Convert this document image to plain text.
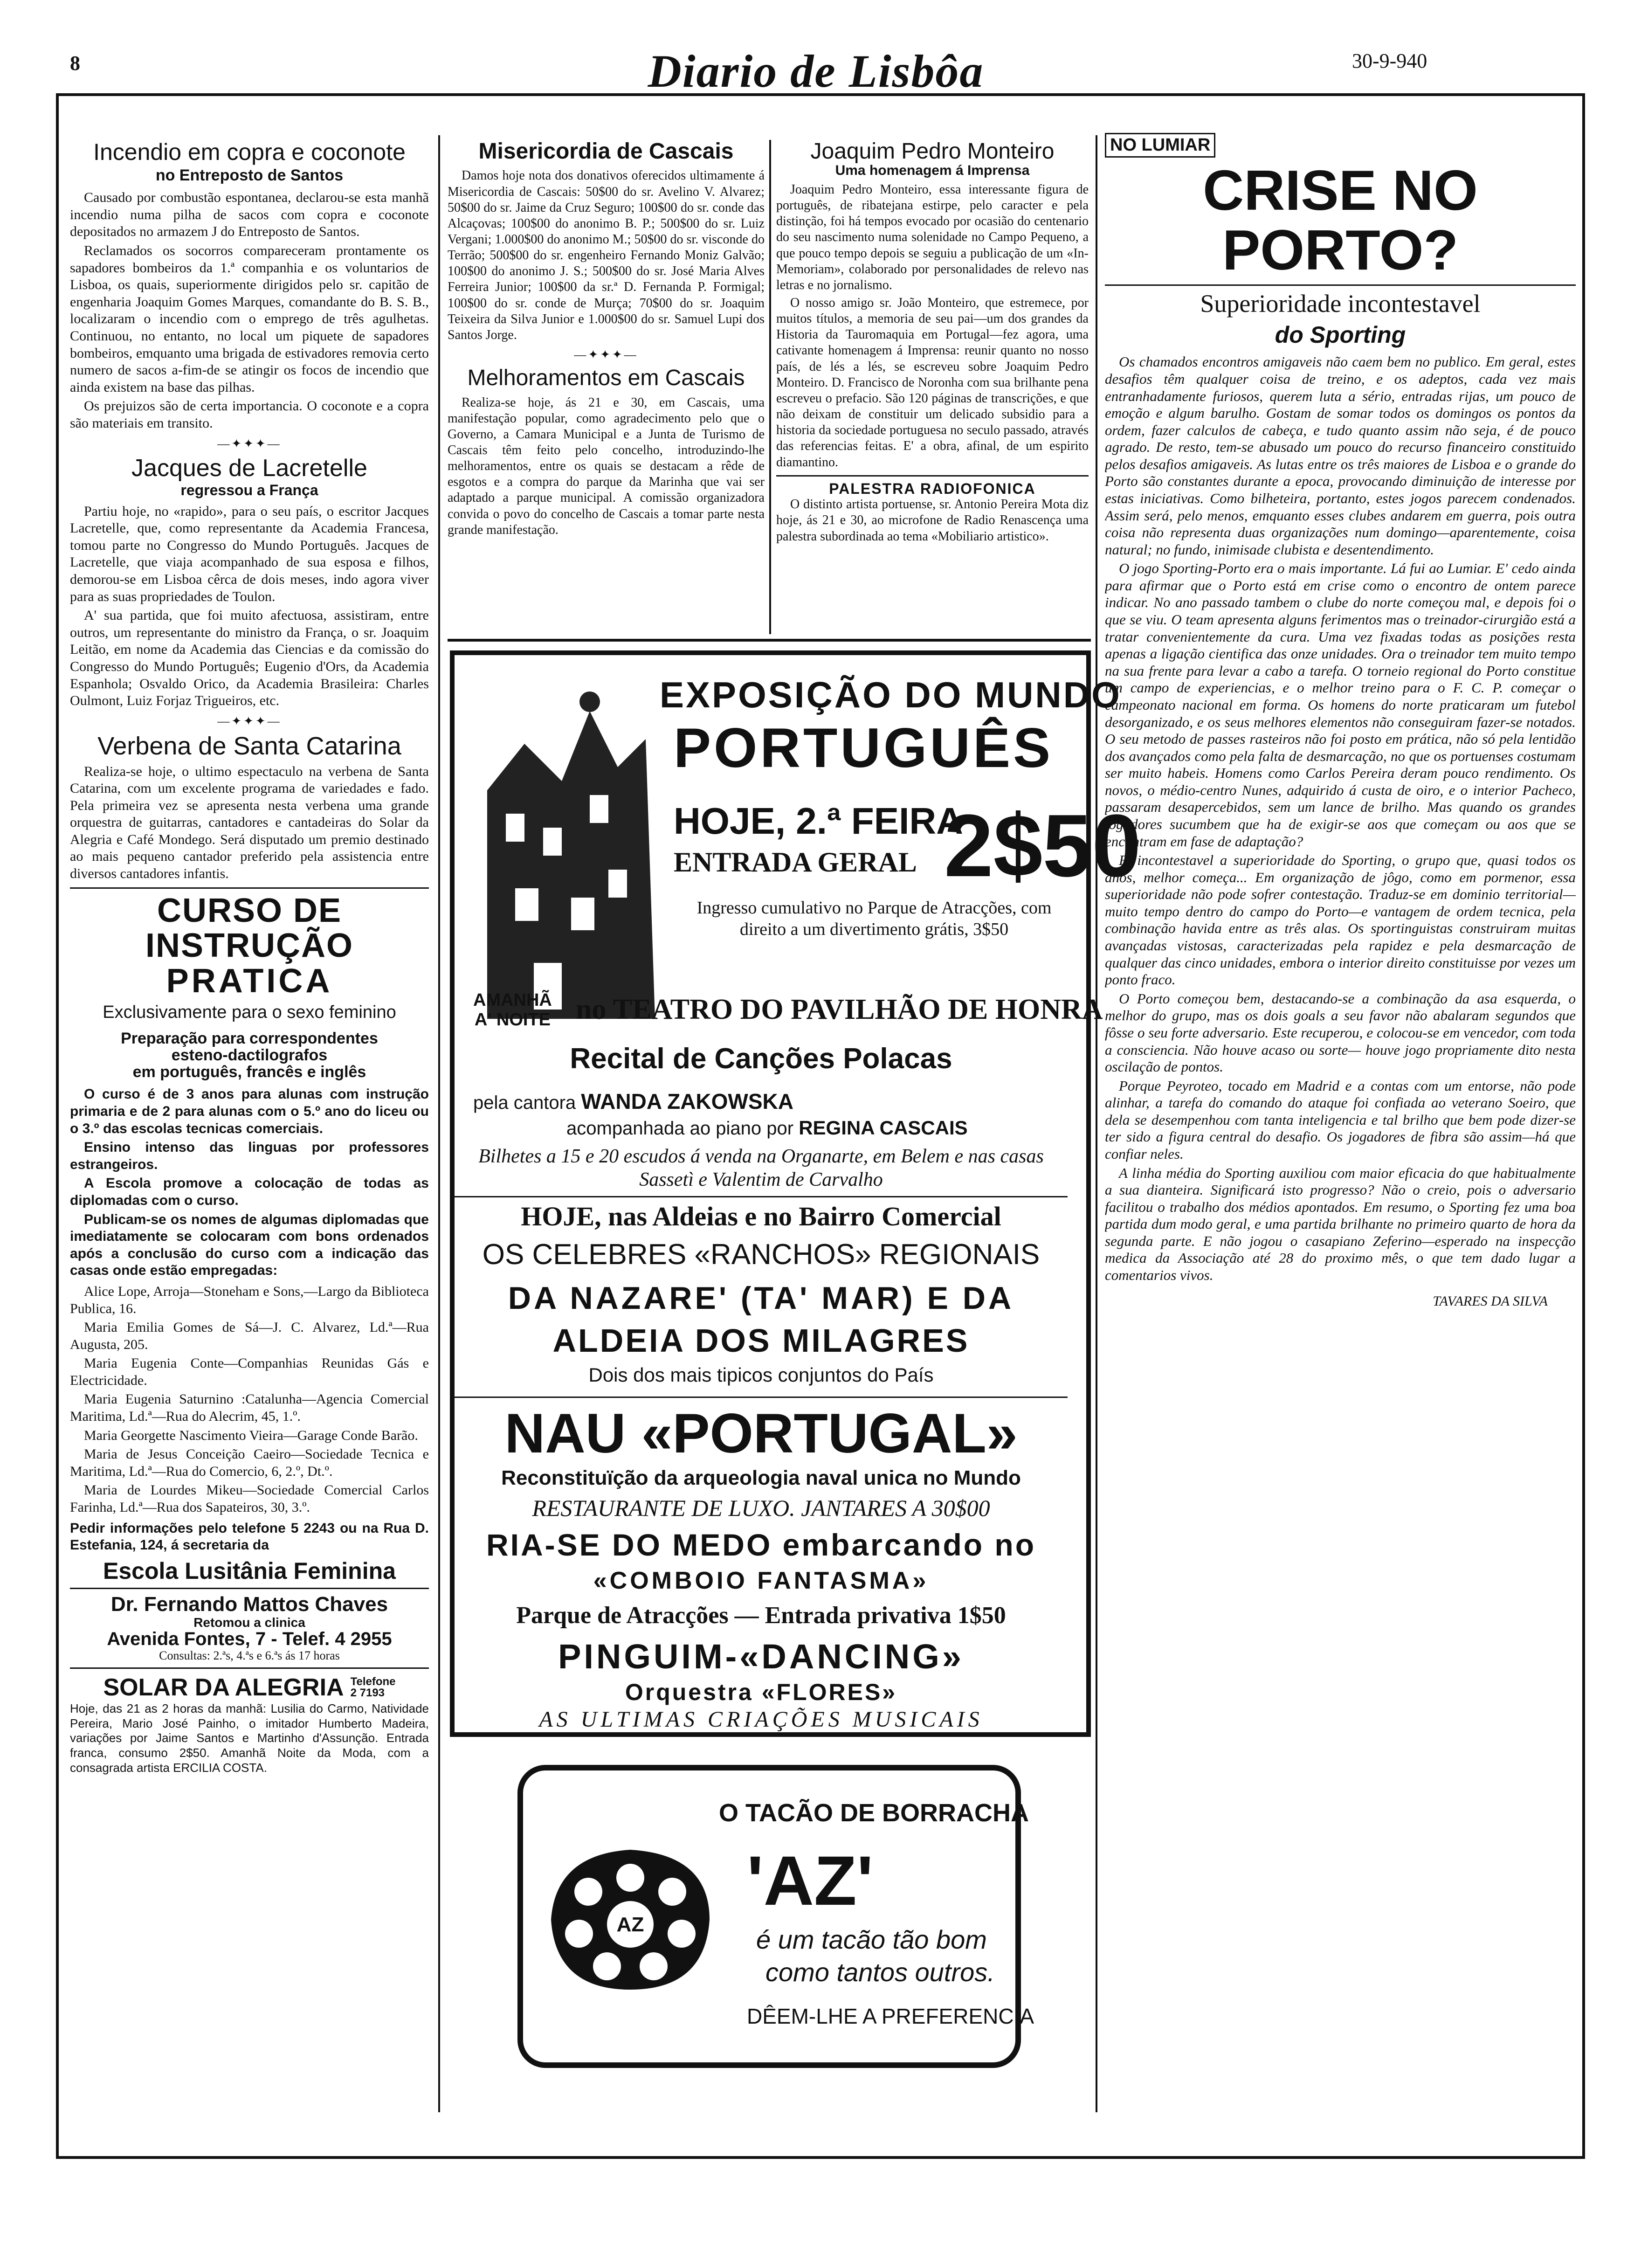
8	Diario de Lisbôa	30-9-940
Incendio em copra e coconote
no Entreposto de Santos

Causado por combustão espontanea, declarou-se esta manhã incendio numa pilha de sacos com copra e coconote depositados no armazem J do Entreposto de Santos.

Reclamados os socorros compareceram prontamente os sapadores bombeiros da 1.ª companhia e os voluntarios de Lisboa, os quais, superiormente dirigidos pelo sr. capitão de engenharia Joaquim Gomes Marques, comandante do B. S. B., localizaram o incendio com o emprego de três agulhetas. Continuou, no entanto, no local um piquete de sapadores bombeiros, emquanto uma brigada de estivadores removia certo numero de sacos a-fim-de se atingir os focos de incendio que ainda existem na base das pilhas.

Os prejuizos são de certa importancia. O coconote e a copra são materiais em transito.

—✦✦✦—
Jacques de Lacretelle
regressou a França

Partiu hoje, no «rapido», para o seu país, o escritor Jacques Lacretelle, que, como representante da Academia Francesa, tomou parte no Congresso do Mundo Português. Jacques de Lacretelle, que viaja acompanhado de sua esposa e filhos, demorou-se em Lisboa cêrca de dois meses, indo agora viver para as suas propriedades de Toulon.

A' sua partida, que foi muito afectuosa, assistiram, entre outros, um representante do ministro da França, o sr. Joaquim Leitão, em nome da Academia das Ciencias e da comissão do Congresso do Mundo Português; Eugenio d'Ors, da Academia Espanhola; Osvaldo Orico, da Academia Brasileira: Charles Oulmont, Luiz Forjaz Trigueiros, etc.

—✦✦✦—
Verbena de Santa Catarina

Realiza-se hoje, o ultimo espectaculo na verbena de Santa Catarina, com um excelente programa de variedades e fado. Pela primeira vez se apresenta nesta verbena uma grande orquestra de guitarras, cantadores e cantadeiras do Solar da Alegria e Café Mondego. Será disputado um premio destinado ao mais pequeno cantador preferido pela assistencia entre diversos cantadores infantis.

CURSO DE INSTRUÇÃO
PRATICA
Exclusivamente para o sexo feminino
Preparação para correspondentes
esteno-dactilografos
em português, francês e inglês

O curso é de 3 anos para alunas com instrução primaria e de 2 para alunas com o 5.º ano do liceu ou o 3.º das escolas tecnicas comerciais.

Ensino intenso das linguas por professores estrangeiros.

A Escola promove a colocação de todas as diplomadas com o curso.

Publicam-se os nomes de algumas diplomadas que imediatamente se colocaram com bons ordenados após a conclusão do curso com a indicação das casas onde estão empregadas:

Alice Lope, Arroja—Stoneham e Sons,—Largo da Biblioteca Publica, 16.

Maria Emilia Gomes de Sá—J. C. Alvarez, Ld.ª—Rua Augusta, 205.

Maria Eugenia Conte—Companhias Reunidas Gás e Electricidade.

Maria Eugenia Saturnino :Catalunha—Agencia Comercial Maritima, Ld.ª—Rua do Alecrim, 45, 1.º.

Maria Georgette Nascimento Vieira—Garage Conde Barão.

Maria de Jesus Conceição Caeiro—Sociedade Tecnica e Maritima, Ld.ª—Rua do Comercio, 6, 2.º, Dt.º.

Maria de Lourdes Mikeu—Sociedade Comercial Carlos Farinha, Ld.ª—Rua dos Sapateiros, 30, 3.º.

Pedir informações pelo telefone 5 2243 ou na Rua D. Estefania, 124, á secretaria da
Escola Lusitânia Feminina
Dr. Fernando Mattos Chaves
Retomou a clinica
Avenida Fontes, 7 - Telef. 4 2955
Consultas: 2.ªs, 4.ªs e 6.ªs ás 17 horas
SOLAR DA ALEGRIA Telefone
2 7193
Hoje, das 21 as 2 horas da manhã: Lusilia do Carmo, Natividade Pereira, Mario José Painho, o imitador Humberto Madeira, variações por Jaime Santos e Martinho d'Assunção. Entrada franca, consumo 2$50. Amanhã Noite da Moda, com a consagrada artista ERCILIA COSTA.
Misericordia de Cascais

Damos hoje nota dos donativos oferecidos ultimamente á Misericordia de Cascais: 50$00 do sr. Avelino V. Alvarez; 50$00 do sr. Jaime da Cruz Seguro; 100$00 do sr. conde das Alcaçovas; 100$00 do anonimo B. P.; 500$00 do sr. Luiz Vergani; 1.000$00 do anonimo M.; 50$00 do sr. visconde do Terrão; 500$00 do sr. engenheiro Fernando Moniz Galvão; 100$00 do anonimo J. S.; 500$00 do sr. José Maria Alves Ferreira Junior; 100$00 da sr.ª D. Fernanda P. Formigal; 100$00 do sr. conde de Murça; 70$00 do sr. Joaquim Teixeira da Silva Junior e 1.000$00 do sr. Samuel Lupi dos Santos Jorge.

—✦✦✦—
Melhoramentos em Cascais

Realiza-se hoje, ás 21 e 30, em Cascais, uma manifestação popular, como agradecimento pelo que o Governo, a Camara Municipal e a Junta de Turismo de Cascais têm feito pelo concelho, introduzindo-lhe melhoramentos, entre os quais se destacam a rêde de esgotos e a compra do parque da Marinha que vai ser adaptado a parque municipal. A comissão organizadora convida o povo do concelho de Cascais a tomar parte nesta grande manifestação.

Joaquim Pedro Monteiro
Uma homenagem á Imprensa

Joaquim Pedro Monteiro, essa interessante figura de português, de ribatejana estirpe, pelo caracter e pela distinção, foi há tempos evocado por ocasião do centenario do seu nascimento numa solenidade no Campo Pequeno, a que pouco tempo depois se seguiu a publicação de um «In-Memoriam», colaborado por personalidades de relevo nas letras e no jornalismo.

O nosso amigo sr. João Monteiro, que estremece, por muitos títulos, a memoria de seu pai—um dos grandes da Historia da Tauromaquia em Portugal—fez agora, uma cativante homenagem á Imprensa: reunir quanto no nosso país, de lés a lés, se escreveu sobre Joaquim Pedro Monteiro. D. Francisco de Noronha com sua brilhante pena escreveu o prefacio. São 120 páginas de transcrições, e que não deixam de constituir um delicado subsidio para a historia da sociedade portuguesa no seculo passado, através das referencias feitas. E' a obra, afinal, de um espirito diamantino.

PALESTRA RADIOFONICA

O distinto artista portuense, sr. Antonio Pereira Mota diz hoje, ás 21 e 30, ao microfone de Radio Renascença uma palestra subordinada ao tema «Mobiliario artistico».

EXPOSIÇÃO DO MUNDO
PORTUGUÊS
HOJE, 2.ª FEIRA
ENTRADA GERAL 2$50
Ingresso cumulativo no Parque de Atracções, com direito a um divertimento grátis, 3$50
AMANHÃ
A' NOITE no TEATRO DO PAVILHÃO DE HONRA
Recital de Canções Polacas
pela cantora WANDA ZAKOWSKA
acompanhada ao piano por REGINA CASCAIS
Bilhetes a 15 e 20 escudos á venda na Organarte, em Belem e nas casas Sassetì e Valentim de Carvalho
HOJE, nas Aldeias e no Bairro Comercial
OS CELEBRES «RANCHOS» REGIONAIS
DA NAZARE' (TA' MAR) E DA
ALDEIA DOS MILAGRES
Dois dos mais tipicos conjuntos do País
NAU «PORTUGAL»
Reconstituïção da arqueologia naval unica no Mundo
RESTAURANTE DE LUXO. JANTARES A 30$00
RIA-SE DO MEDO embarcando no
«COMBOIO FANTASMA»
Parque de Atracções — Entrada privativa 1$50
PINGUIM-«DANCING»
Orquestra «FLORES»
AS ULTIMAS CRIAÇÕES MUSICAIS
AZ
O TACÃO DE BORRACHA
'AZ'
é um tacão tão bom
como tantos outros.
DÊEM-LHE A PREFERENCIA
NO LUMIAR
CRISE NO PORTO?
Superioridade incontestavel
do Sporting

Os chamados encontros amigaveis não caem bem no publico. Em geral, estes desafios têm qualquer coisa de treino, e os adeptos, cada vez mais entranhadamente furiosos, querem luta a sério, entradas rijas, um pouco de emoção e algum barulho. Gostam de somar todos os domingos os pontos da ordem, fazer calculos de cabeça, e tudo quanto assim não seja, é de pouco agrado. De resto, tem-se abusado um pouco do recurso financeiro constituido pelos desafios amigaveis. As lutas entre os três maiores de Lisboa e o grande do Porto são constantes durante a epoca, provocando diminuição de interesse por estas iniciativas. Como bilheteira, portanto, estes jogos parecem condenados. Assim será, pelo menos, emquanto esses clubes andarem em guerra, pois outra coisa não representa duas organizações num domingo—aparentemente, coisa natural; no fundo, inimisade clubista e desentendimento.

O jogo Sporting-Porto era o mais importante. Lá fui ao Lumiar. E' cedo ainda para afirmar que o Porto está em crise como o encontro de ontem parece indicar. No ano passado tambem o clube do norte começou mal, e depois foi o que se viu. O team apresenta alguns ferimentos mas o treinador-cirurgião está a tratar convenientemente da cura. Uma vez fixadas todas as posições resta apenas a ligação cientifica das onze unidades. Ora o treinador tem muito tempo na sua frente para levar a cabo a tarefa. O torneio regional do Porto constitue um campo de experiencias, e o melhor treino para o F. C. P. começar o campeonato nacional em forma. Os homens do norte praticaram um futebol desorganizado, e os seus melhores elementos não conseguiram fazer-se notados. O seu metodo de passes rasteiros não foi posto em prática, não só pela lentidão dos avançados como pela falta de desmarcação, no que os portuenses costumam ser muito habeis. Homens como Carlos Pereira deram pouco rendimento. Os novos, o médio-centro Nunes, adquirido á custa de oiro, e o interior Pacheco, passaram desapercebidos, sem um lance de brilho. Mas quando os grandes jogadores sucumbem que ha de exigir-se aos que começam ou aos que se encontram em fase de adaptação?

E' incontestavel a superioridade do Sporting, o grupo que, quasi todos os anos, melhor começa... Em organização de jôgo, como em pormenor, essa superioridade não pode sofrer contestação. Traduz-se em dominio territorial—muito tempo dentro do campo do Porto—e vantagem de ordem tecnica, pela combinação havida entre as três alas. Os sportinguistas construiram muitas avançadas vistosas, caracterizadas pela rapidez e pela desmarcação de qualquer das cinco unidades, embora o interior direito constituisse por vezes um ponto fraco.

O Porto começou bem, destacando-se a combinação da asa esquerda, o melhor do grupo, mas os dois goals a seu favor não abalaram segundos que fôsse o seu forte adversario. Este recuperou, e colocou-se em vencedor, com toda a consciencia. Não houve acaso ou sorte— houve jogo propriamente dito nesta oscilação de pontos.

Porque Peyroteo, tocado em Madrid e a contas com um entorse, não pode alinhar, a tarefa do comando do ataque foi confiada ao veterano Soeiro, que dela se desempenhou com tanta inteligencia e tal brilho que bem pode dizer-se ter sido a figura central do desafio. Os jogadores de fibra são assim—há que confiar neles.

A linha média do Sporting auxiliou com maior eficacia do que habitualmente a sua dianteira. Significará isto progresso? Não o creio, pois o adversario facilitou o trabalho dos médios apontados. Em resumo, o Sporting fez uma boa partida dum modo geral, e uma partida brilhante no primeiro quarto de hora da segunda parte. E não jogou o casapiano Zeferino—esperado na inspecção medica da Associação até 28 do proximo mês, o que tem dado lugar a comentarios vivos.

TAVARES DA SILVA
